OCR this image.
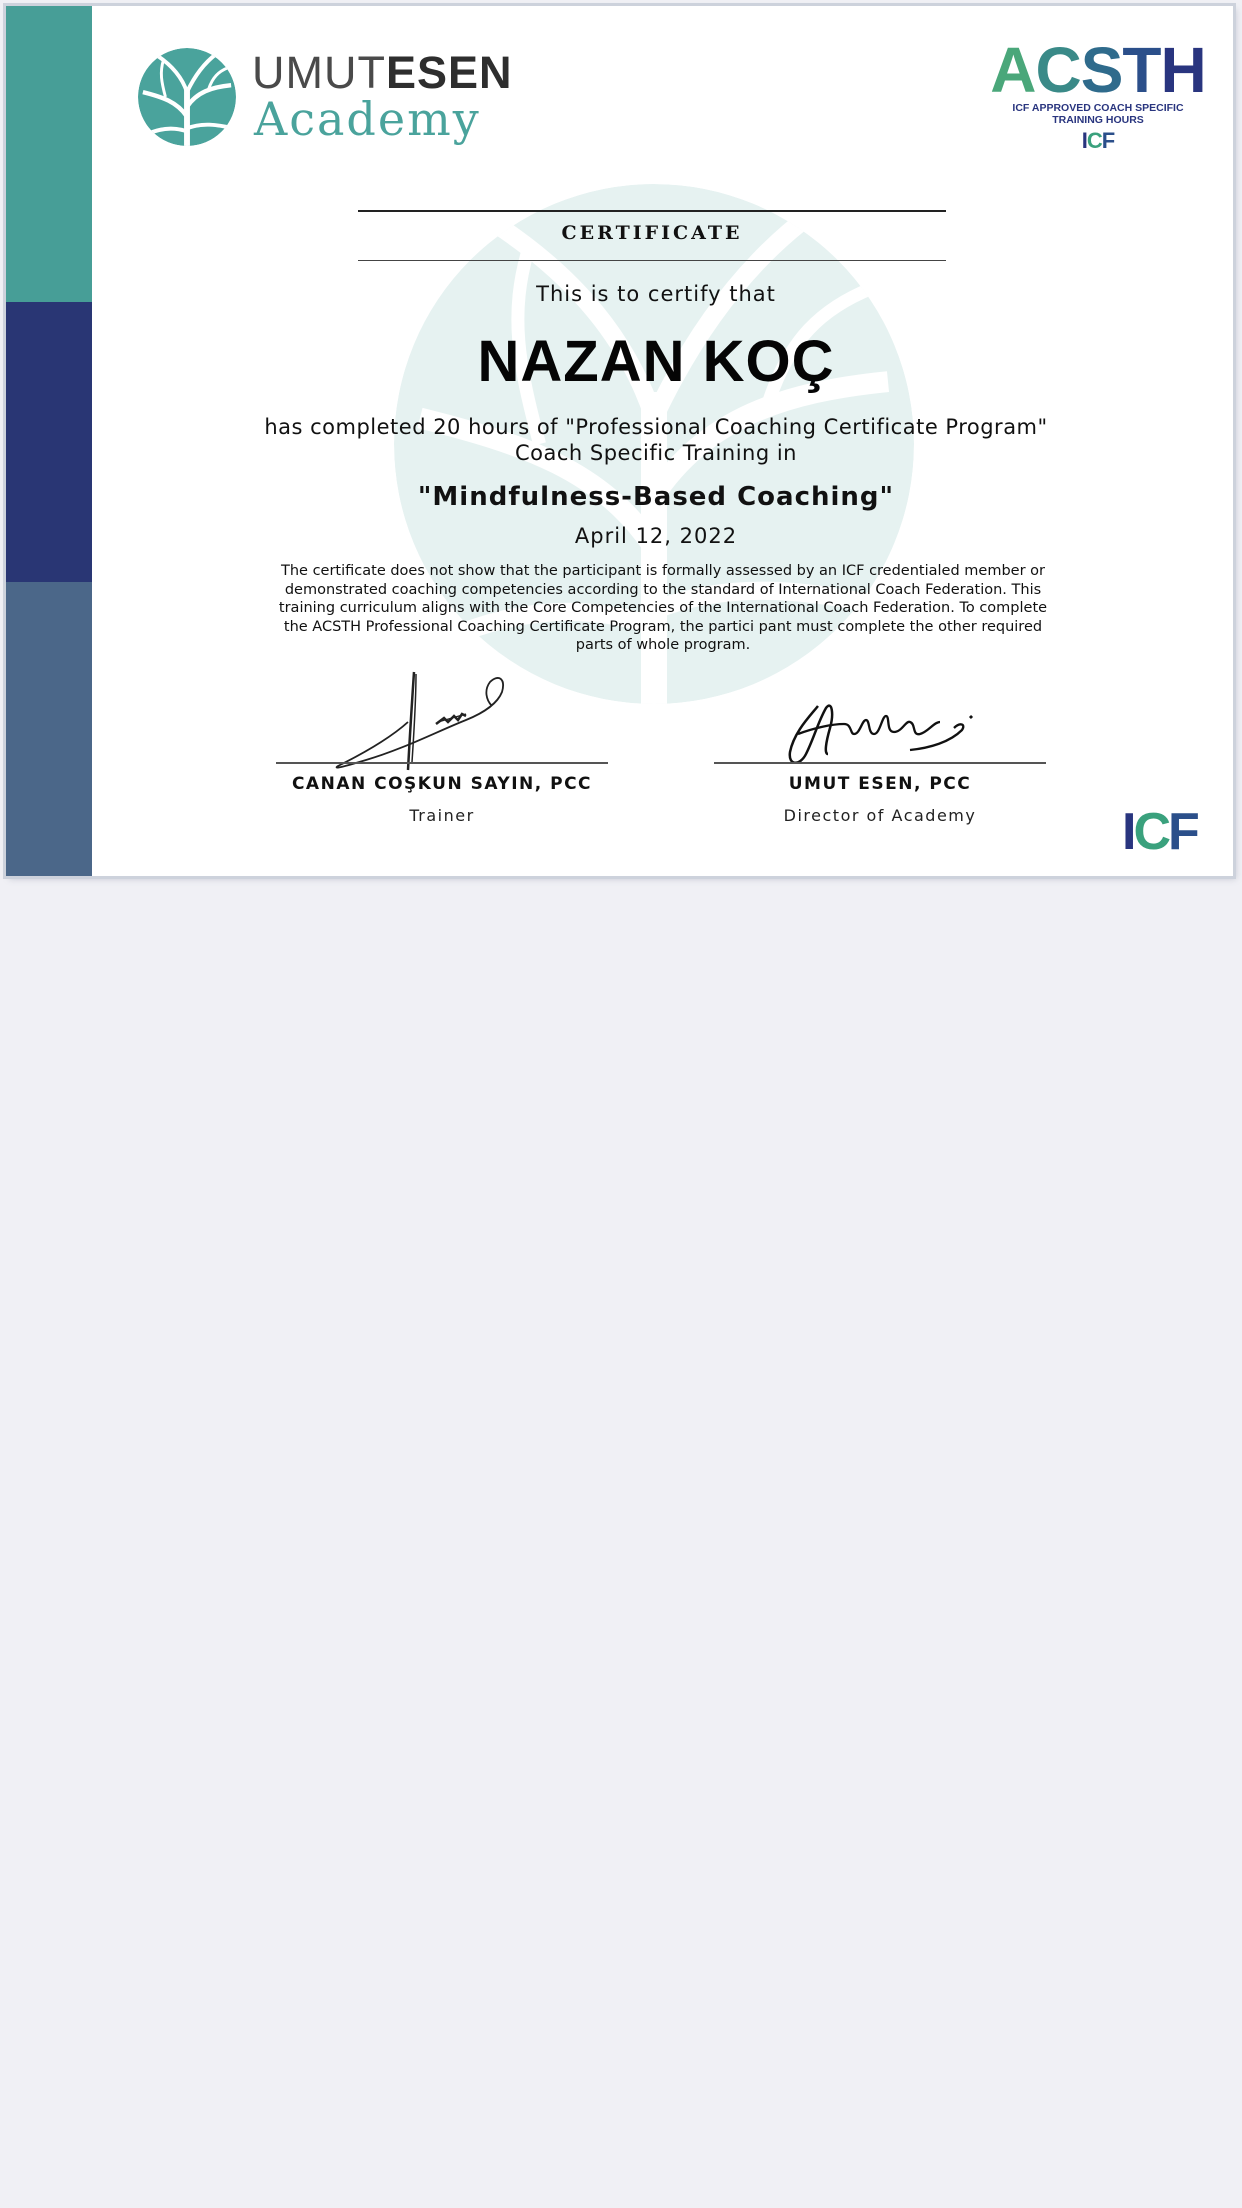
UMUTESEN
Academy
ACSTH
ICF APPROVED COACH SPECIFIC
TRAINING HOURS
ICF
CERTIFICATE
This is to certify that
NAZAN KOÇ
has completed 20 hours of "Professional Coaching Certificate Program"
Coach Specific Training in
"Mindfulness-Based Coaching"
April 12, 2022
The certificate does not show that the participant is formally assessed by an ICF credentialed member or demonstrated coaching competencies according to the standard of International Coach Federation. This training curriculum aligns with the Core Competencies of the International Coach Federation. To complete the ACSTH Professional Coaching Certificate Program, the partici pant must complete the other required parts of whole program.
CANAN COŞKUN SAYIN, PCC
Trainer
UMUT ESEN, PCC
Director of Academy	ICF
